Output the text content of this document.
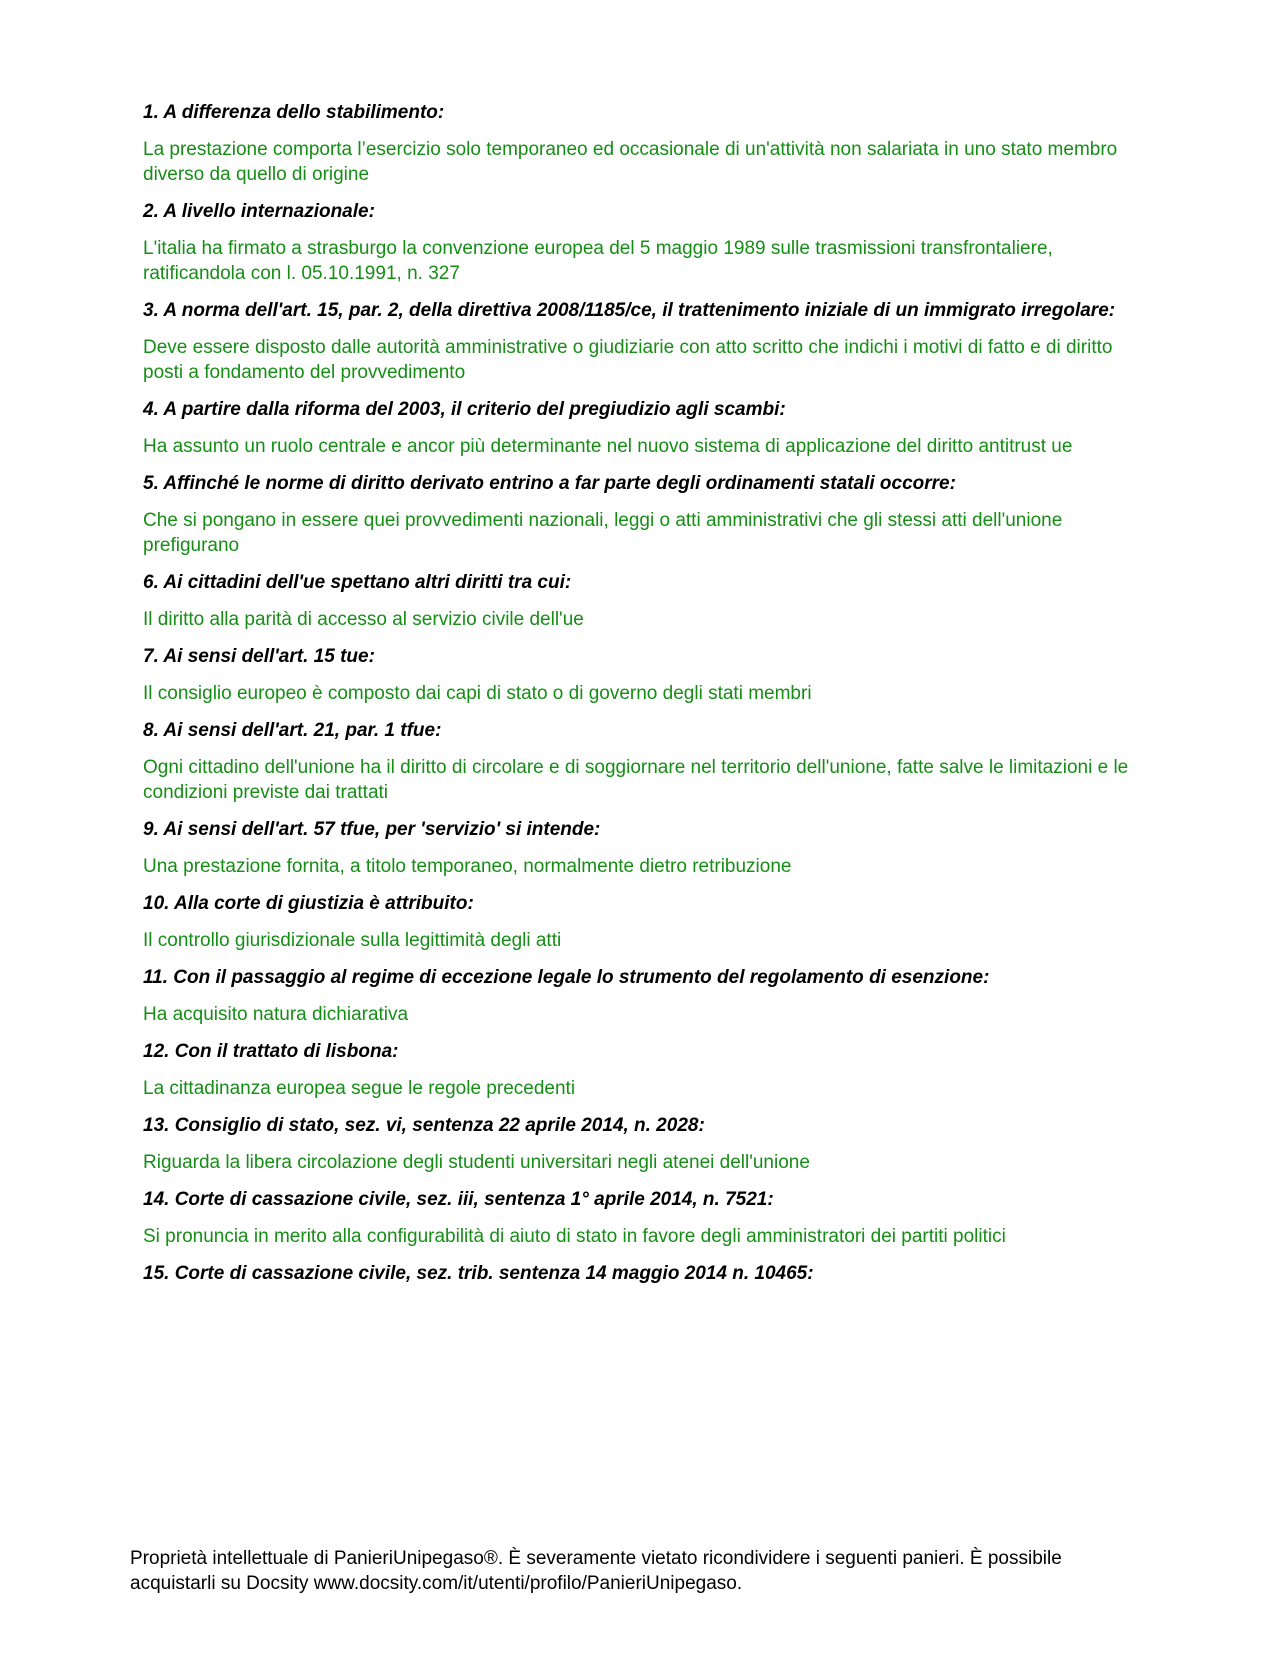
1. A differenza dello stabilimento:

La prestazione comporta l’esercizio solo temporaneo ed occasionale di un'attività non salariata in uno stato membro diverso da quello di origine

2. A livello internazionale:

L'italia ha firmato a strasburgo la convenzione europea del 5 maggio 1989 sulle trasmissioni transfrontaliere, ratificandola con l. 05.10.1991, n. 327

3. A norma dell'art. 15, par. 2, della direttiva 2008/1185/ce, il trattenimento iniziale di un immigrato irregolare:

Deve essere disposto dalle autorità amministrative o giudiziarie con atto scritto che indichi i motivi di fatto e di diritto posti a fondamento del provvedimento

4. A partire dalla riforma del 2003, il criterio del pregiudizio agli scambi:

Ha assunto un ruolo centrale e ancor più determinante nel nuovo sistema di applicazione del diritto antitrust ue

5. Affinché le norme di diritto derivato entrino a far parte degli ordinamenti statali occorre:

Che si pongano in essere quei provvedimenti nazionali, leggi o atti amministrativi che gli stessi atti dell'unione prefigurano

6. Ai cittadini dell'ue spettano altri diritti tra cui:

Il diritto alla parità di accesso al servizio civile dell'ue

7. Ai sensi dell'art. 15 tue:

Il consiglio europeo è composto dai capi di stato o di governo degli stati membri

8. Ai sensi dell'art. 21, par. 1 tfue:

Ogni cittadino dell'unione ha il diritto di circolare e di soggiornare nel territorio dell'unione, fatte salve le limitazioni e le condizioni previste dai trattati

9. Ai sensi dell'art. 57 tfue, per 'servizio' si intende:

Una prestazione fornita, a titolo temporaneo, normalmente dietro retribuzione

10. Alla corte di giustizia è attribuito:

Il controllo giurisdizionale sulla legittimità degli atti

11. Con il passaggio al regime di eccezione legale lo strumento del regolamento di esenzione:

Ha acquisito natura dichiarativa

12. Con il trattato di lisbona:

La cittadinanza europea segue le regole precedenti

13. Consiglio di stato, sez. vi, sentenza 22 aprile 2014, n. 2028:

Riguarda la libera circolazione degli studenti universitari negli atenei dell'unione

14. Corte di cassazione civile, sez. iii, sentenza 1° aprile 2014, n. 7521:

Si pronuncia in merito alla configurabilità di aiuto di stato in favore degli amministratori dei partiti politici

15. Corte di cassazione civile, sez. trib. sentenza 14 maggio 2014 n. 10465:

Proprietà intellettuale di PanieriUnipegaso®. È severamente vietato ricondividere i seguenti panieri. È possibile acquistarli su Docsity www.docsity.com/it/utenti/profilo/PanieriUnipegaso.
